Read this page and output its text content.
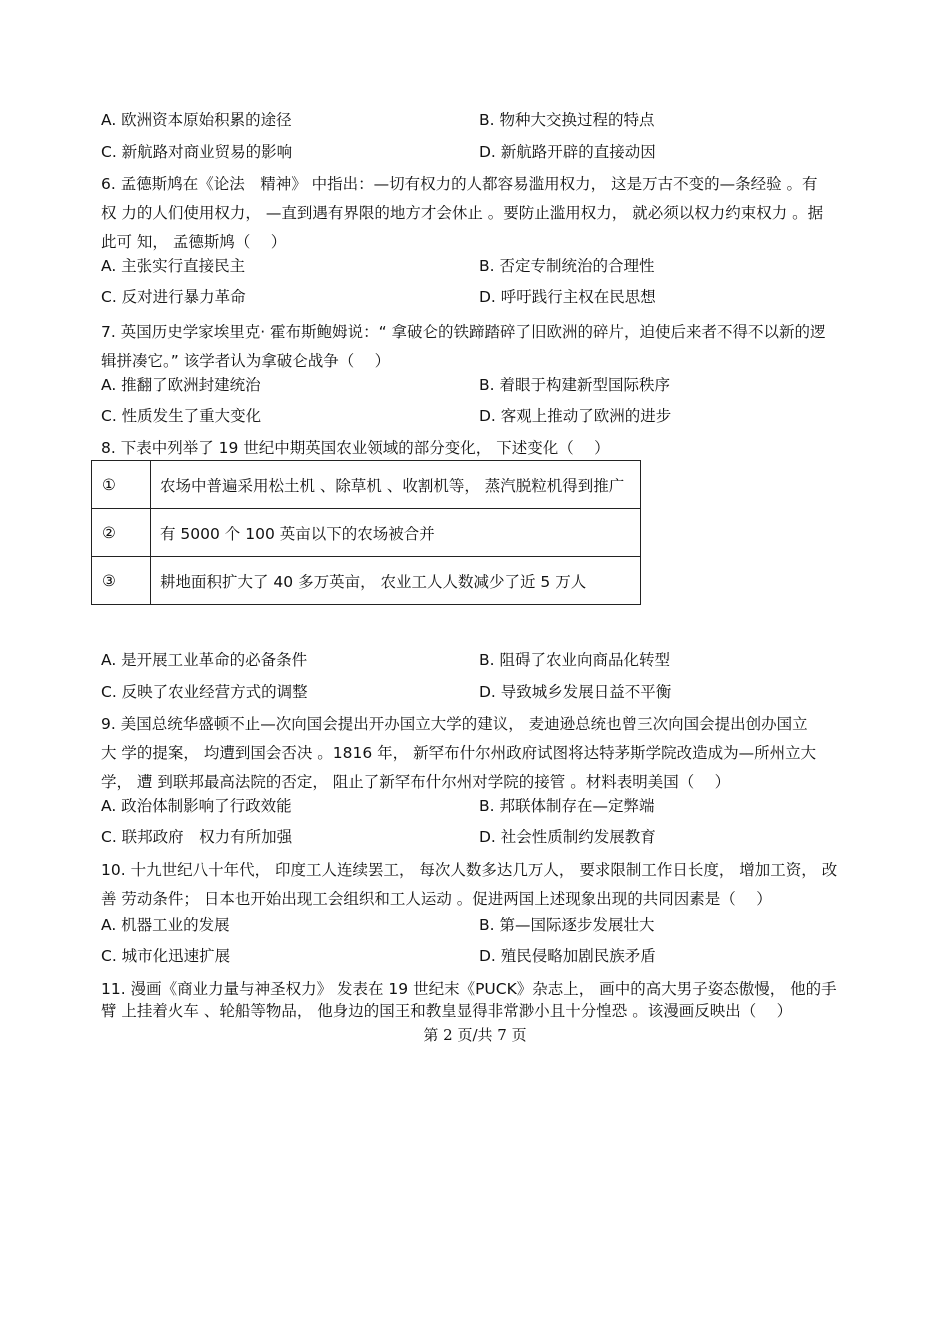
A. 欧洲资本原始积累的途径	B. 物种大交换过程的特点
C. 新航路对商业贸易的影响	D. 新航路开辟的直接动因
6. 孟德斯鸠在《论法　精神》 中指出：—切有权力的人都容易滥用权力， 这是万古不变的—条经验 。有
权 力的人们使用权力， —直到遇有界限的地方才会休止 。要防止滥用权力， 就必须以权力约束权力 。据
此可 知， 孟德斯鸠（　 ）
A. 主张实行直接民主	B. 否定专制统治的合理性
C. 反对进行暴力革命	D. 呼吁践行主权在民思想
7. 英国历史学家埃里克· 霍布斯鲍姆说：“ 拿破仑的铁蹄踏碎了旧欧洲的碎片，迫使后来者不得不以新的逻
辑拼凑它。” 该学者认为拿破仑战争（　 ）
A. 推翻了欧洲封建统治	B. 着眼于构建新型国际秩序
C. 性质发生了重大变化	D. 客观上推动了欧洲的进步
8. 下表中列举了 19 世纪中期英国农业领域的部分变化， 下述变化（　 ）
①	农场中普遍采用松土机 、除草机 、收割机等， 蒸汽脱粒机得到推广
②	有 5000 个 100 英亩以下的农场被合并
③	耕地面积扩大了 40 多万英亩， 农业工人人数减少了近 5 万人
A. 是开展工业革命的必备条件	B. 阻碍了农业向商品化转型
C. 反映了农业经营方式的调整	D. 导致城乡发展日益不平衡
9. 美国总统华盛顿不止—次向国会提出开办国立大学的建议， 麦迪逊总统也曾三次向国会提出创办国立
大 学的提案， 均遭到国会否决 。1816 年， 新罕布什尔州政府试图将达特茅斯学院改造成为—所州立大
学， 遭 到联邦最高法院的否定， 阻止了新罕布什尔州对学院的接管 。材料表明美国（　 ）
A. 政治体制影响了行政效能	B. 邦联体制存在—定弊端
C. 联邦政府　权力有所加强	D. 社会性质制约发展教育
10. 十九世纪八十年代， 印度工人连续罢工， 每次人数多达几万人， 要求限制工作日长度， 增加工资， 改
善 劳动条件； 日本也开始出现工会组织和工人运动 。促进两国上述现象出现的共同因素是（　 ）
A. 机器工业的发展	B. 第—国际逐步发展壮大
C. 城市化迅速扩展	D. 殖民侵略加剧民族矛盾
11. 漫画《商业力量与神圣权力》 发表在 19 世纪末《PUCK》杂志上， 画中的高大男子姿态傲慢， 他的手
臂 上挂着火车 、轮船等物品， 他身边的国王和教皇显得非常渺小且十分惶恐 。该漫画反映出（　 ）
第 2 页/共 7 页
